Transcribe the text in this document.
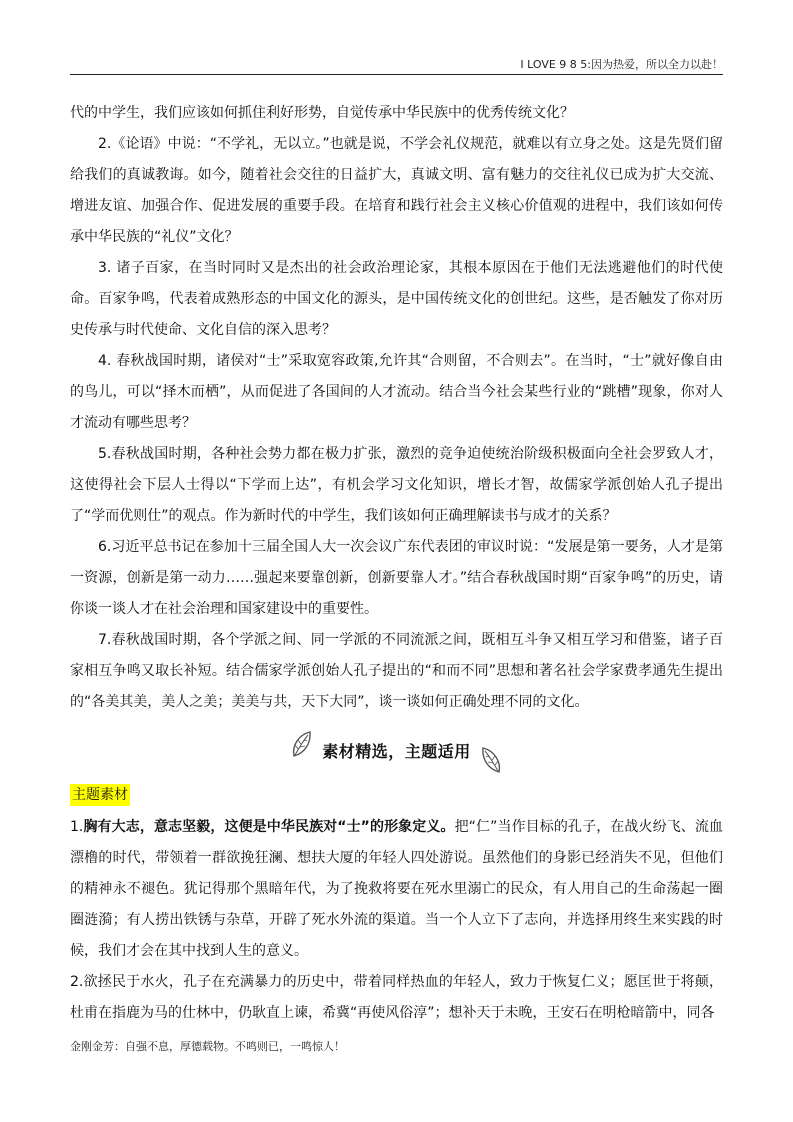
I LOVE 9 8 5:因为热爱，所以全力以赴！

代的中学生，我们应该如何抓住利好形势，自觉传承中华民族中的优秀传统文化？

2.《论语》中说：“不学礼，无以立。”也就是说，不学会礼仪规范，就难以有立身之处。这是先贤们留给我们的真诚教诲。如今，随着社会交往的日益扩大，真诚文明、富有魅力的交往礼仪已成为扩大交流、增进友谊、加强合作、促进发展的重要手段。在培育和践行社会主义核心价值观的进程中，我们该如何传承中华民族的“礼仪”文化？

3. 诸子百家，在当时同时又是杰出的社会政治理论家，其根本原因在于他们无法逃避他们的时代使命。百家争鸣，代表着成熟形态的中国文化的源头，是中国传统文化的创世纪。这些，是否触发了你对历史传承与时代使命、文化自信的深入思考？

4. 春秋战国时期，诸侯对“士”采取宽容政策,允许其“合则留，不合则去”。在当时，“士”就好像自由的鸟儿，可以“择木而栖”，从而促进了各国间的人才流动。结合当今社会某些行业的“跳槽”现象，你对人才流动有哪些思考？

5.春秋战国时期，各种社会势力都在极力扩张，激烈的竞争迫使统治阶级积极面向全社会罗致人才，这使得社会下层人士得以“下学而上达”，有机会学习文化知识，增长才智，故儒家学派创始人孔子提出了“学而优则仕”的观点。作为新时代的中学生，我们该如何正确理解读书与成才的关系？

6.习近平总书记在参加十三届全国人大一次会议广东代表团的审议时说：“发展是第一要务，人才是第一资源，创新是第一动力……强起来要靠创新，创新要靠人才。”结合春秋战国时期“百家争鸣”的历史，请你谈一谈人才在社会治理和国家建设中的重要性。

7.春秋战国时期，各个学派之间、同一学派的不同流派之间，既相互斗争又相互学习和借鉴，诸子百家相互争鸣又取长补短。结合儒家学派创始人孔子提出的“和而不同”思想和著名社会学家费孝通先生提出的“各美其美，美人之美；美美与共，天下大同”，谈一谈如何正确处理不同的文化。

素材精选，主题适用
主题素材

1.胸有大志，意志坚毅，这便是中华民族对“士”的形象定义。把“仁”当作目标的孔子，在战火纷飞、流血漂橹的时代，带领着一群欲挽狂澜、想扶大厦的年轻人四处游说。虽然他们的身影已经消失不见，但他们的精神永不褪色。犹记得那个黑暗年代，为了挽救将要在死水里溺亡的民众，有人用自己的生命荡起一圈圈涟漪；有人捞出铁锈与杂草，开辟了死水外流的渠道。当一个人立下了志向，并选择用终生来实践的时候，我们才会在其中找到人生的意义。

2.欲拯民于水火，孔子在充满暴力的历史中，带着同样热血的年轻人，致力于恢复仁义；愿匡世于将颠，杜甫在指鹿为马的仕林中，仍耿直上谏，希冀“再使风俗淳”；想补天于未晚，王安石在明枪暗箭中，同各

金刚金芳：自强不息，厚德载物。不鸣则已，一鸣惊人！
